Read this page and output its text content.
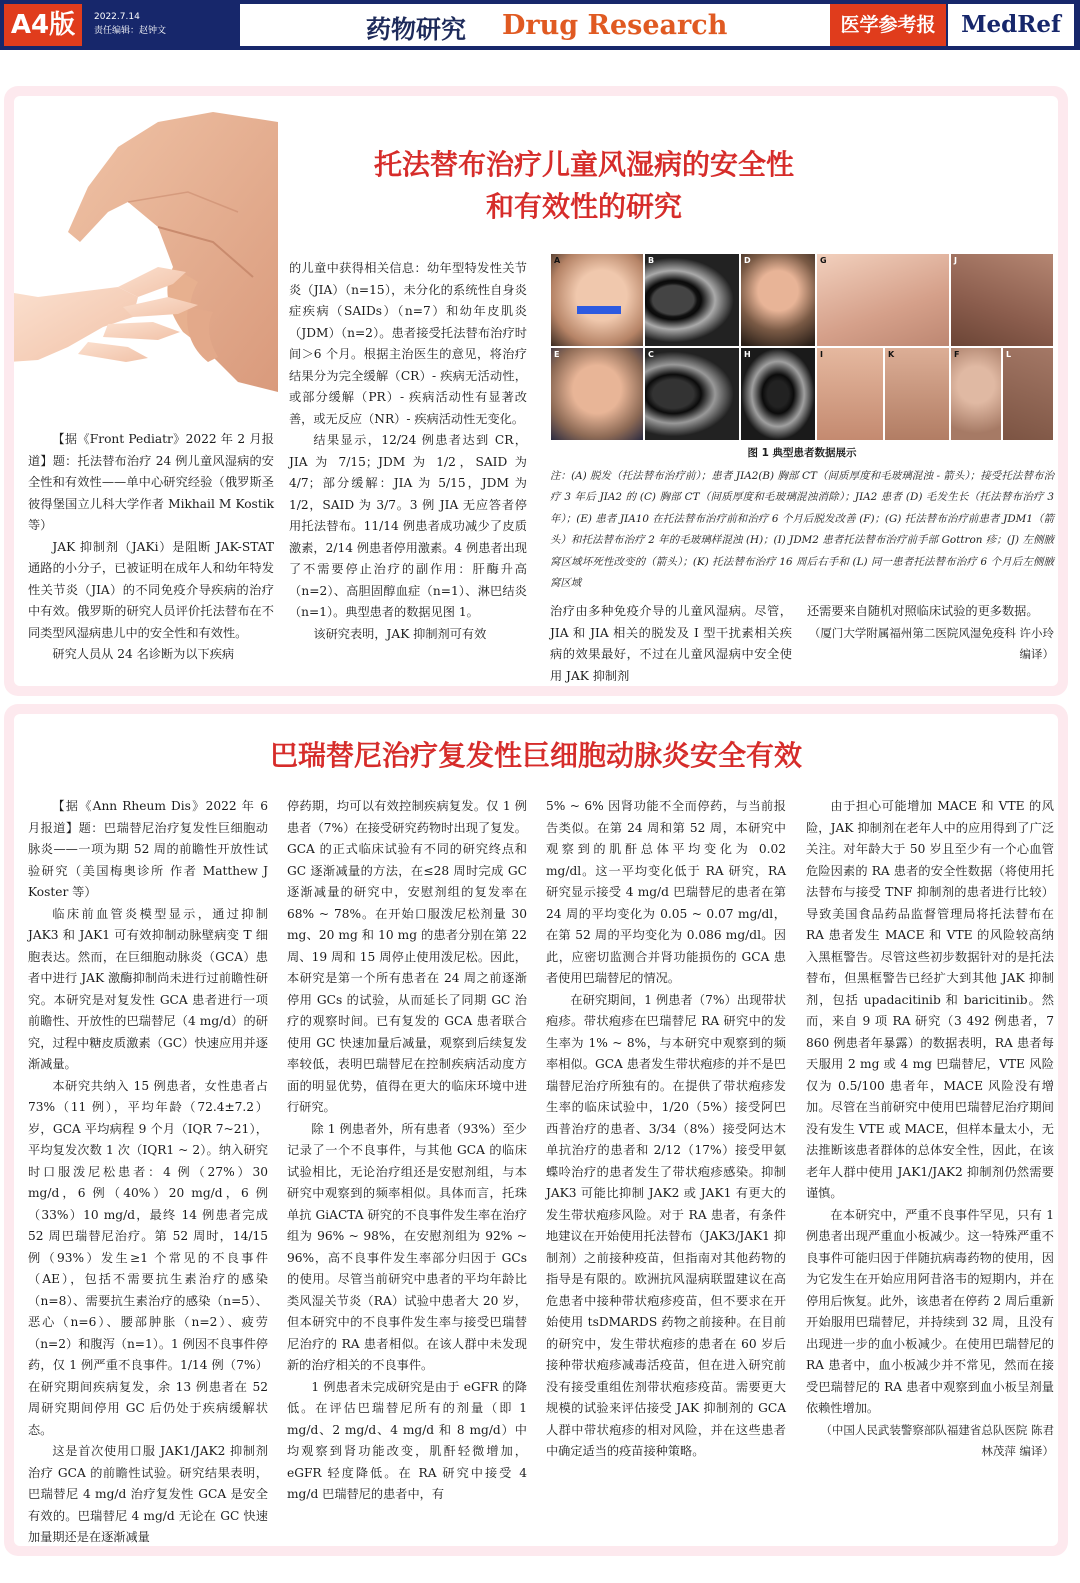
A4版	2022.7.14
责任编辑：赵钟文	药物研究 Drug Research	医学参考报	MedRef
托法替布治疗儿童风湿病的安全性
和有效性的研究

【据《Front Pediatr》2022 年 2 月报道】题：托法替布治疗 24 例儿童风湿病的安全性和有效性——单中心研究经验（俄罗斯圣彼得堡国立儿科大学作者 Mikhail M Kostik 等）

JAK 抑制剂（JAKi）是阻断 JAK-STAT 通路的小分子，已被证明在成年人和幼年特发性关节炎（JIA）的不同免疫介导疾病的治疗中有效。俄罗斯的研究人员评价托法替布在不同类型风湿病患儿中的安全性和有效性。

研究人员从 24 名诊断为以下疾病

的儿童中获得相关信息：幼年型特发性关节炎（JIA）（n=15），未分化的系统性自身炎症疾病（SAIDs）（n=7）和幼年皮肌炎（JDM）（n=2）。患者接受托法替布治疗时间＞6 个月。根据主治医生的意见，将治疗结果分为完全缓解（CR）- 疾病无活动性，或部分缓解（PR）- 疾病活动性有显著改善，或无反应（NR）- 疾病活动性无变化。

结果显示，12/24 例患者达到 CR，JIA 为 7/15；JDM 为 1/2，SAID 为 4/7；部分缓解：JIA 为 5/15，JDM 为 1/2，SAID 为 3/7。3 例 JIA 无应答者停用托法替布。11/14 例患者成功减少了皮质激素，2/14 例患者停用激素。4 例患者出现了不需要停止治疗的副作用：肝酶升高（n=2）、高胆固醇血症（n=1）、淋巴结炎（n=1）。典型患者的数据见图 1。

该研究表明，JAK 抑制剂可有效

A	B	D	G	J
E	C	H	I	K	F	L
图 1 典型患者数据展示
注：(A) 脱发（托法替布治疗前）；患者 JIA2(B) 胸部 CT（间质厚度和毛玻璃混浊 - 箭头）；接受托法替布治疗 3 年后 JIA2 的 (C) 胸部 CT（间质厚度和毛玻璃混浊消除）；JIA2 患者 (D) 毛发生长（托法替布治疗 3 年）；(E) 患者 JIA10 在托法替布治疗前和治疗 6 个月后脱发改善 (F)；(G) 托法替布治疗前患者 JDM1（箭头）和托法替布治疗 2 年的毛玻璃样混浊 (H)；(I) JDM2 患者托法替布治疗前手部 Gottron 疹；(J) 左侧腋窝区域坏死性改变的（箭头）；(K) 托法替布治疗 16 周后右手和 (L) 同一患者托法替布治疗 6 个月后左侧腋窝区域

治疗由多种免疫介导的儿童风湿病。尽管，JIA 和 JIA 相关的脱发及 I 型干扰素相关疾病的效果最好，不过在儿童风湿病中安全使用 JAK 抑制剂

还需要来自随机对照临床试验的更多数据。

（厦门大学附属福州第二医院风湿免疫科 许小玲 编译）

巴瑞替尼治疗复发性巨细胞动脉炎安全有效

【据《Ann Rheum Dis》2022 年 6 月报道】题：巴瑞替尼治疗复发性巨细胞动脉炎——一项为期 52 周的前瞻性开放性试验研究（美国梅奥诊所 作者 Matthew J Koster 等）

临床前血管炎模型显示，通过抑制 JAK3 和 JAK1 可有效抑制动脉壁病变 T 细胞表达。然而，在巨细胞动脉炎（GCA）患者中进行 JAK 激酶抑制尚未进行过前瞻性研究。本研究是对复发性 GCA 患者进行一项前瞻性、开放性的巴瑞替尼（4 mg/d）的研究，过程中糖皮质激素（GC）快速应用并逐渐减量。

本研究共纳入 15 例患者，女性患者占 73%（11 例），平均年龄（72.4±7.2）岁，GCA 平均病程 9 个月（IQR 7~21），平均复发次数 1 次（IQR1 ~ 2）。纳入研究时口服泼尼松患者：4 例（27%）30 mg/d，6 例（40%）20 mg/d，6 例（33%）10 mg/d，最终 14 例患者完成 52 周巴瑞替尼治疗。第 52 周时，14/15 例（93%）发生≥1 个常见的不良事件（AE），包括不需要抗生素治疗的感染（n=8）、需要抗生素治疗的感染（n=5）、恶心（n=6）、腰部肿胀（n=2）、疲劳（n=2）和腹泻（n=1）。1 例因不良事件停药，仅 1 例严重不良事件。1/14 例（7%）在研究期间疾病复发，余 13 例患者在 52 周研究期间停用 GC 后仍处于疾病缓解状态。

这是首次使用口服 JAK1/JAK2 抑制剂治疗 GCA 的前瞻性试验。研究结果表明，巴瑞替尼 4 mg/d 治疗复发性 GCA 是安全有效的。巴瑞替尼 4 mg/d 无论在 GC 快速加量期还是在逐渐减量

停药期，均可以有效控制疾病复发。仅 1 例患者（7%）在接受研究药物时出现了复发。GCA 的正式临床试验有不同的研究终点和 GC 逐渐减量的方法，在≤28 周时完成 GC 逐渐减量的研究中，安慰剂组的复发率在 68% ~ 78%。在开始口服泼尼松剂量 30 mg、20 mg 和 10 mg 的患者分别在第 22 周、19 周和 15 周停止使用泼尼松。因此，本研究是第一个所有患者在 24 周之前逐渐停用 GCs 的试验，从而延长了同期 GC 治疗的观察时间。已有复发的 GCA 患者联合使用 GC 快速加量后减量，观察到后续复发率较低，表明巴瑞替尼在控制疾病活动度方面的明显优势，值得在更大的临床环境中进行研究。

除 1 例患者外，所有患者（93%）至少记录了一个不良事件，与其他 GCA 的临床试验相比，无论治疗组还是安慰剂组，与本研究中观察到的频率相似。具体而言，托珠单抗 GiACTA 研究的不良事件发生率在治疗组为 96% ~ 98%，在安慰剂组为 92% ~ 96%，高不良事件发生率部分归因于 GCs 的使用。尽管当前研究中患者的平均年龄比类风湿关节炎（RA）试验中患者大 20 岁，但本研究中的不良事件发生率与接受巴瑞替尼治疗的 RA 患者相似。在该人群中未发现新的治疗相关的不良事件。

1 例患者未完成研究是由于 eGFR 的降低。在评估巴瑞替尼所有的剂量（即 1 mg/d、2 mg/d、4 mg/d 和 8 mg/d）中均观察到肾功能改变，肌酐轻微增加，eGFR 轻度降低。在 RA 研究中接受 4 mg/d 巴瑞替尼的患者中，有

5% ~ 6% 因肾功能不全而停药，与当前报告类似。在第 24 周和第 52 周，本研究中观察到的肌酐总体平均变化为 0.02 mg/dl。这一平均变化低于 RA 研究，RA 研究显示接受 4 mg/d 巴瑞替尼的患者在第 24 周的平均变化为 0.05 ~ 0.07 mg/dl，在第 52 周的平均变化为 0.086 mg/dl。因此，应密切监测合并肾功能损伤的 GCA 患者使用巴瑞替尼的情况。

在研究期间，1 例患者（7%）出现带状疱疹。带状疱疹在巴瑞替尼 RA 研究中的发生率为 1% ~ 8%，与本研究中观察到的频率相似。GCA 患者发生带状疱疹的并不是巴瑞替尼治疗所独有的。在提供了带状疱疹发生率的临床试验中，1/20（5%）接受阿巴西普治疗的患者、3/34（8%）接受阿达木单抗治疗的患者和 2/12（17%）接受甲氨蝶呤治疗的患者发生了带状疱疹感染。抑制 JAK3 可能比抑制 JAK2 或 JAK1 有更大的发生带状疱疹风险。对于 RA 患者，有条件地建议在开始使用托法替布（JAK3/JAK1 抑制剂）之前接种疫苗，但指南对其他药物的指导是有限的。欧洲抗风湿病联盟建议在高危患者中接种带状疱疹疫苗，但不要求在开始使用 tsDMARDS 药物之前接种。在目前的研究中，发生带状疱疹的患者在 60 岁后接种带状疱疹减毒活疫苗，但在进入研究前没有接受重组佐剂带状疱疹疫苗。需要更大规模的试验来评估接受 JAK 抑制剂的 GCA 人群中带状疱疹的相对风险，并在这些患者中确定适当的疫苗接种策略。

由于担心可能增加 MACE 和 VTE 的风险，JAK 抑制剂在老年人中的应用得到了广泛关注。对年龄大于 50 岁且至少有一个心血管危险因素的 RA 患者的安全性数据（将使用托法替布与接受 TNF 抑制剂的患者进行比较）导致美国食品药品监督管理局将托法替布在 RA 患者发生 MACE 和 VTE 的风险较高纳入黑框警告。尽管这些初步数据针对的是托法替布，但黑框警告已经扩大到其他 JAK 抑制剂，包括 upadacitinib 和 baricitinib。然而，来自 9 项 RA 研究（3 492 例患者，7 860 例患者年暴露）的数据表明，RA 患者每天服用 2 mg 或 4 mg 巴瑞替尼，VTE 风险仅为 0.5/100 患者年，MACE 风险没有增加。尽管在当前研究中使用巴瑞替尼治疗期间没有发生 VTE 或 MACE，但样本量太小，无法推断该患者群体的总体安全性，因此，在该老年人群中使用 JAK1/JAK2 抑制剂仍然需要谨慎。

在本研究中，严重不良事件罕见，只有 1 例患者出现严重血小板减少。这一特殊严重不良事件可能归因于伴随抗病毒药物的使用，因为它发生在开始应用阿昔洛韦的短期内，并在停用后恢复。此外，该患者在停药 2 周后重新开始服用巴瑞替尼，并持续到 32 周，且没有出现进一步的血小板减少。在使用巴瑞替尼的 RA 患者中，血小板减少并不常见，然而在接受巴瑞替尼的 RA 患者中观察到血小板呈剂量依赖性增加。

（中国人民武装警察部队福建省总队医院 陈君 林茂萍 编译）
